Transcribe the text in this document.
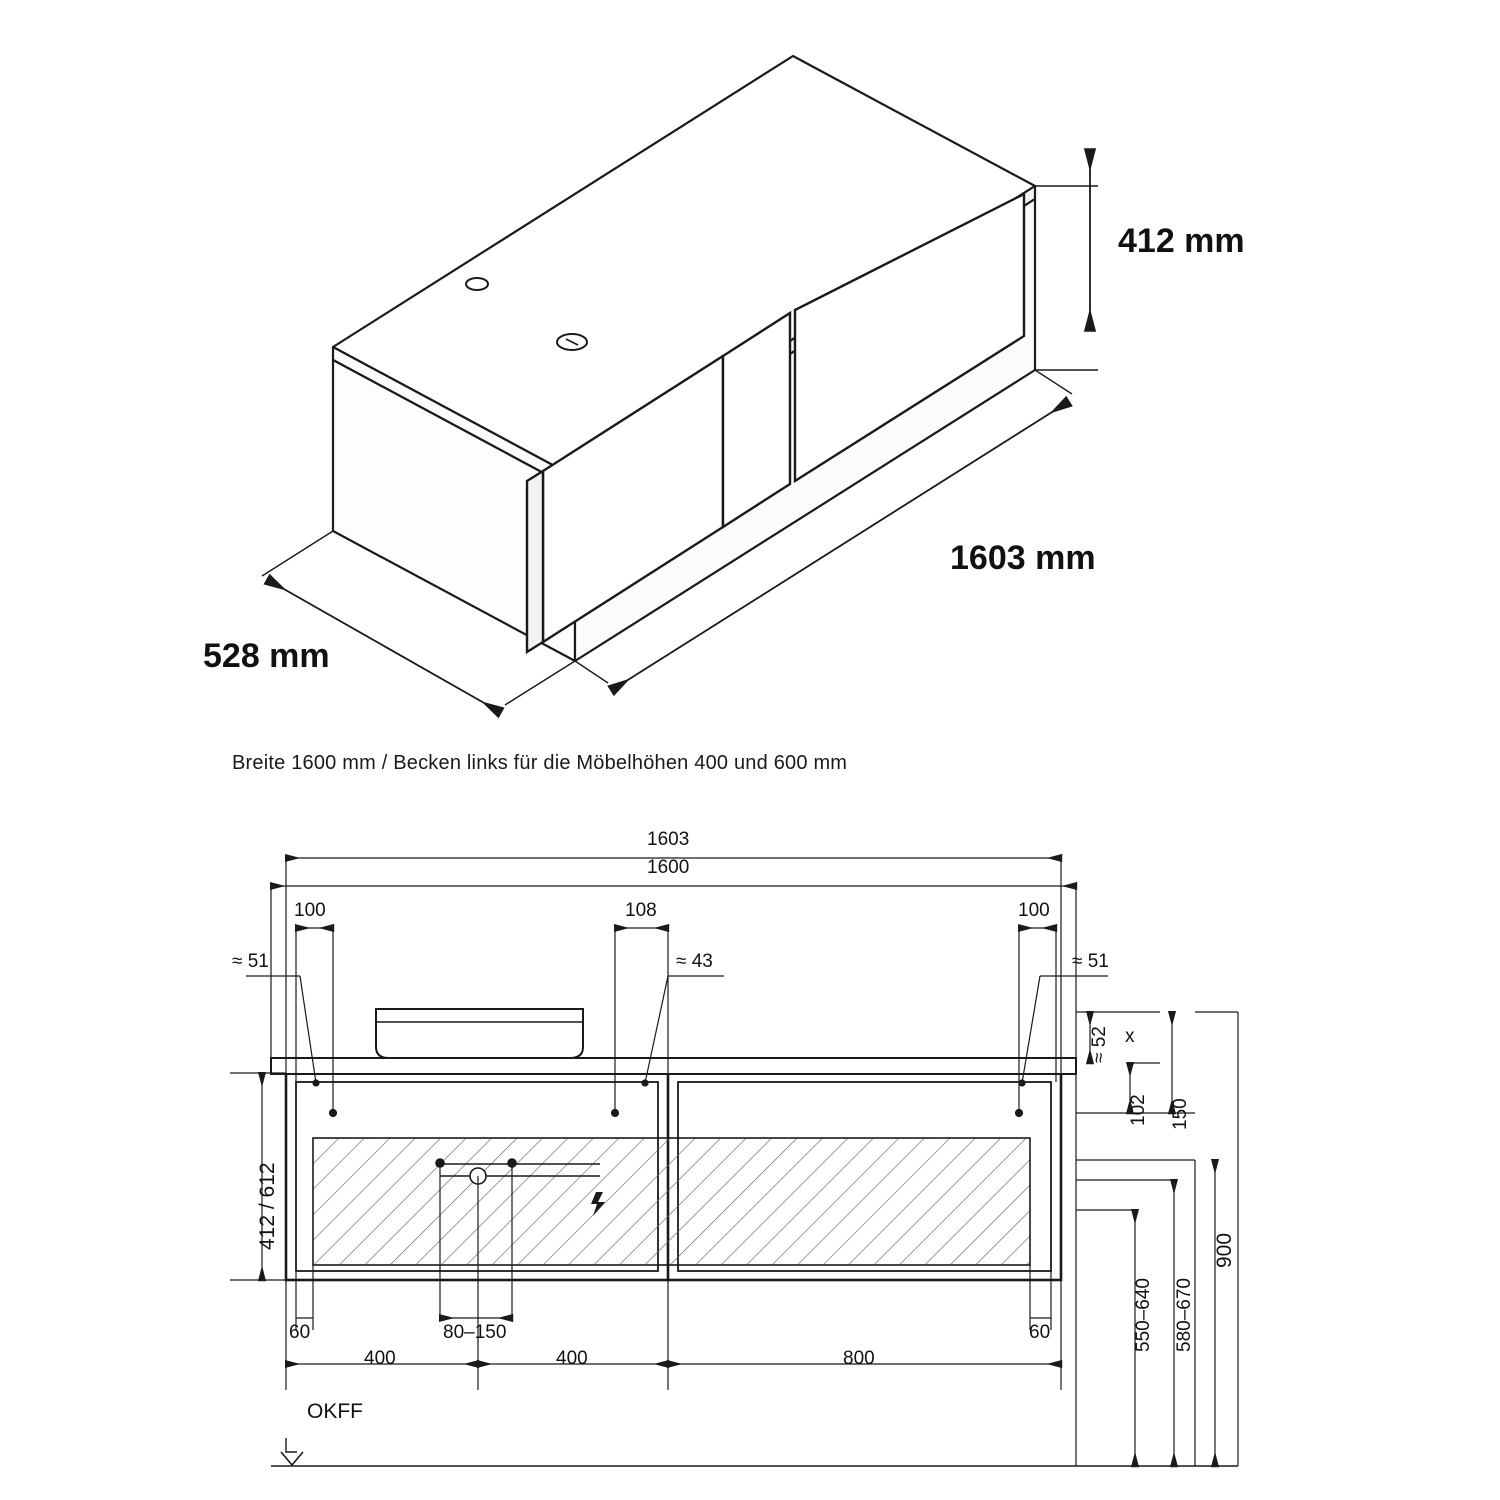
412 mm
1603 mm
528 mm
Breite 1600 mm / Becken links für die Möbelhöhen 400 und 600 mm
1603
1600
100	108	100
≈ 51	≈ 43	≈ 51
≈ 52 x
102 150
412 / 612
900
580–670
550–640
60	60
80–150
400	400	800
OKFF
